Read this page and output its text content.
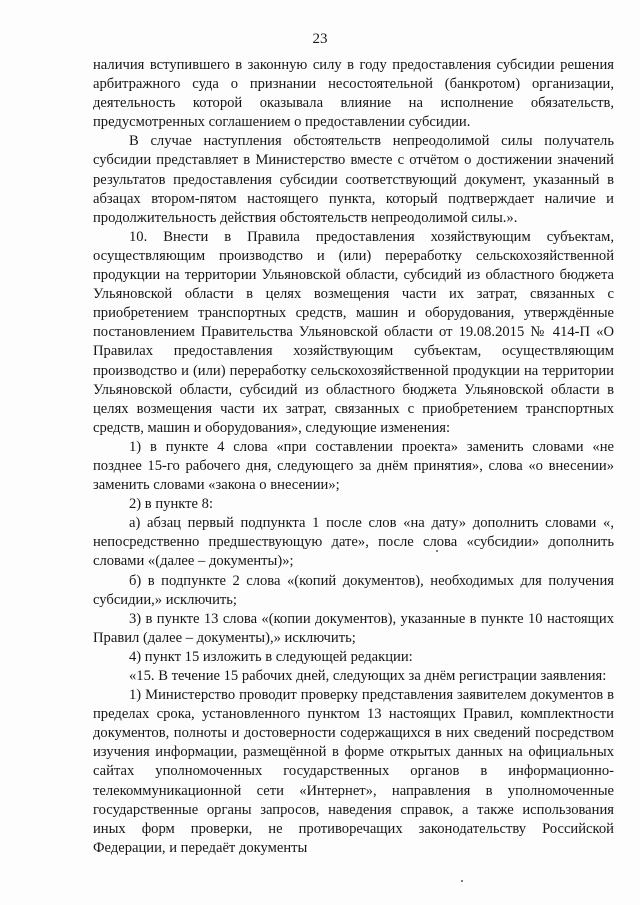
23

наличия вступившего в законную силу в году предоставления субсидии решения арбитражного суда о признании несостоятельной (банкротом) организации, деятельность которой оказывала влияние на исполнение обязательств, предусмотренных соглашением о предоставлении субсидии.

В случае наступления обстоятельств непреодолимой силы получатель субсидии представляет в Министерство вместе с отчётом о достижении значений результатов предоставления субсидии соответствующий документ, указанный в абзацах втором-пятом настоящего пункта, который подтверждает наличие и продолжительность действия обстоятельств непреодолимой силы.».

10. Внести в Правила предоставления хозяйствующим субъектам, осуществляющим производство и (или) переработку сельскохозяйственной продукции на территории Ульяновской области, субсидий из областного бюджета Ульяновской области в целях возмещения части их затрат, связанных с приобретением транспортных средств, машин и оборудования, утверждённые постановлением Правительства Ульяновской области от 19.08.2015 № 414-П «О Правилах предоставления хозяйствующим субъектам, осуществляющим производство и (или) переработку сельскохозяйственной продукции на территории Ульяновской области, субсидий из областного бюджета Ульяновской области в целях возмещения части их затрат, связанных с приобретением транспортных средств, машин и оборудования», следующие изменения:

1) в пункте 4 слова «при составлении проекта» заменить словами «не позднее 15-го рабочего дня, следующего за днём принятия», слова «о внесении» заменить словами «закона о внесении»;

2) в пункте 8:

а) абзац первый подпункта 1 после слов «на дату» дополнить словами «, непосредственно предшествующую дате», после слова «субсидии» дополнить словами «(далее – документы)»;

б) в подпункте 2 слова «(копий документов), необходимых для получения субсидии,» исключить;

3) в пункте 13 слова «(копии документов), указанные в пункте 10 настоящих Правил (далее – документы),» исключить;

4) пункт 15 изложить в следующей редакции:

«15. В течение 15 рабочих дней, следующих за днём регистрации заявления:

1) Министерство проводит проверку представления заявителем документов в пределах срока, установленного пунктом 13 настоящих Правил, комплектности документов, полноты и достоверности содержащихся в них сведений посредством изучения информации, размещённой в форме открытых данных на официальных сайтах уполномоченных государственных органов в информационно-телекоммуникационной сети «Интернет», направления в уполномоченные государственные органы запросов, наведения справок, а также использования иных форм проверки, не противоречащих законодательству Российской Федерации, и передаёт документы
